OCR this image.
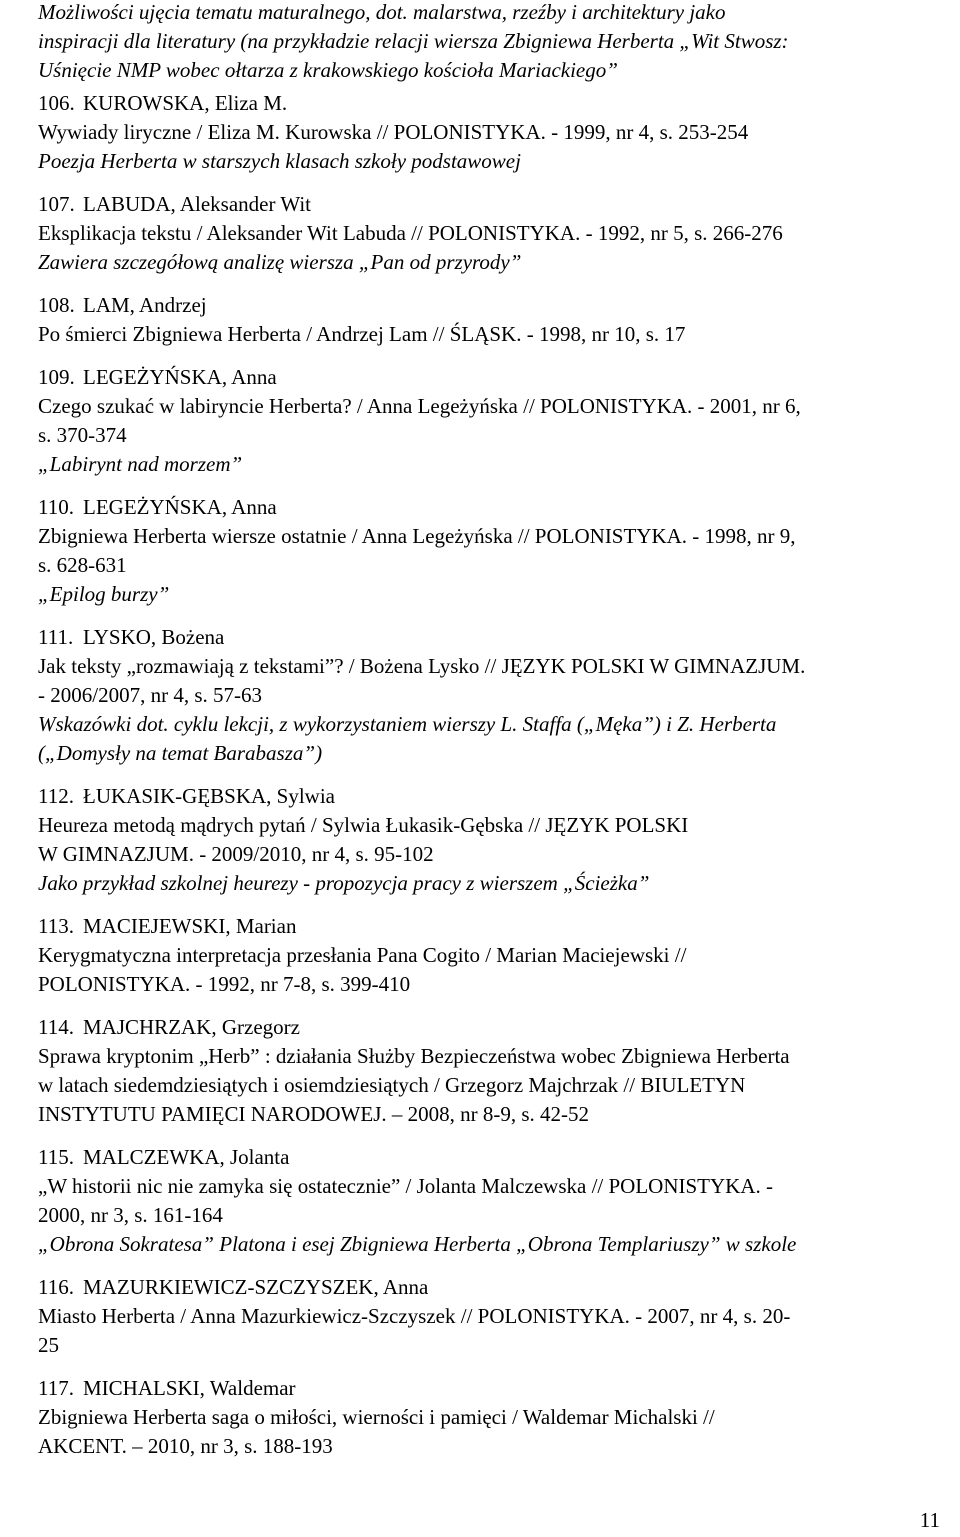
Możliwości ujęcia tematu maturalnego, dot. malarstwa, rzeźby i architektury jako
inspiracji dla literatury (na przykładzie relacji wiersza Zbigniewa Herberta „Wit Stwosz:
Uśnięcie NMP wobec ołtarza z krakowskiego kościoła Mariackiego”
106. KUROWSKA, Eliza M.
Wywiady liryczne / Eliza M. Kurowska // POLONISTYKA. - 1999, nr 4, s. 253-254
Poezja Herberta w starszych klasach szkoły podstawowej
107. LABUDA, Aleksander Wit
Eksplikacja tekstu / Aleksander Wit Labuda // POLONISTYKA. - 1992, nr 5, s. 266-276
Zawiera szczegółową analizę wiersza „Pan od przyrody”
108. LAM, Andrzej
Po śmierci Zbigniewa Herberta / Andrzej Lam // ŚLĄSK. - 1998, nr 10, s. 17
109. LEGEŻYŃSKA, Anna
Czego szukać w labiryncie Herberta? / Anna Legeżyńska // POLONISTYKA. - 2001, nr 6,
s. 370-374
„Labirynt nad morzem”
110. LEGEŻYŃSKA, Anna
Zbigniewa Herberta wiersze ostatnie / Anna Legeżyńska // POLONISTYKA. - 1998, nr 9,
s. 628-631
„Epilog burzy”
111. LYSKO, Bożena
Jak teksty „rozmawiają z tekstami”? / Bożena Lysko // JĘZYK POLSKI W GIMNAZJUM.
- 2006/2007, nr 4, s. 57-63
Wskazówki dot. cyklu lekcji, z wykorzystaniem wierszy L. Staffa („Męka”) i Z. Herberta
(„Domysły na temat Barabasza”)
112. ŁUKASIK-GĘBSKA, Sylwia
Heureza metodą mądrych pytań / Sylwia Łukasik-Gębska // JĘZYK POLSKI
W GIMNAZJUM. - 2009/2010, nr 4, s. 95-102
Jako przykład szkolnej heurezy - propozycja pracy z wierszem „Ścieżka”
113. MACIEJEWSKI, Marian
Kerygmatyczna interpretacja przesłania Pana Cogito / Marian Maciejewski //
POLONISTYKA. - 1992, nr 7-8, s. 399-410
114. MAJCHRZAK, Grzegorz
Sprawa kryptonim „Herb” : działania Służby Bezpieczeństwa wobec Zbigniewa Herberta
w latach siedemdziesiątych i osiemdziesiątych / Grzegorz Majchrzak // BIULETYN
INSTYTUTU PAMIĘCI NARODOWEJ. – 2008, nr 8-9, s. 42-52
115. MALCZEWKA, Jolanta
„W historii nic nie zamyka się ostatecznie” / Jolanta Malczewska // POLONISTYKA. -
2000, nr 3, s. 161-164
„Obrona Sokratesa” Platona i esej Zbigniewa Herberta „Obrona Templariuszy” w szkole
116. MAZURKIEWICZ-SZCZYSZEK, Anna
Miasto Herberta / Anna Mazurkiewicz-Szczyszek // POLONISTYKA. - 2007, nr 4, s. 20-
25
117. MICHALSKI, Waldemar
Zbigniewa Herberta saga o miłości, wierności i pamięci / Waldemar Michalski //
AKCENT. – 2010, nr 3, s. 188-193
11
